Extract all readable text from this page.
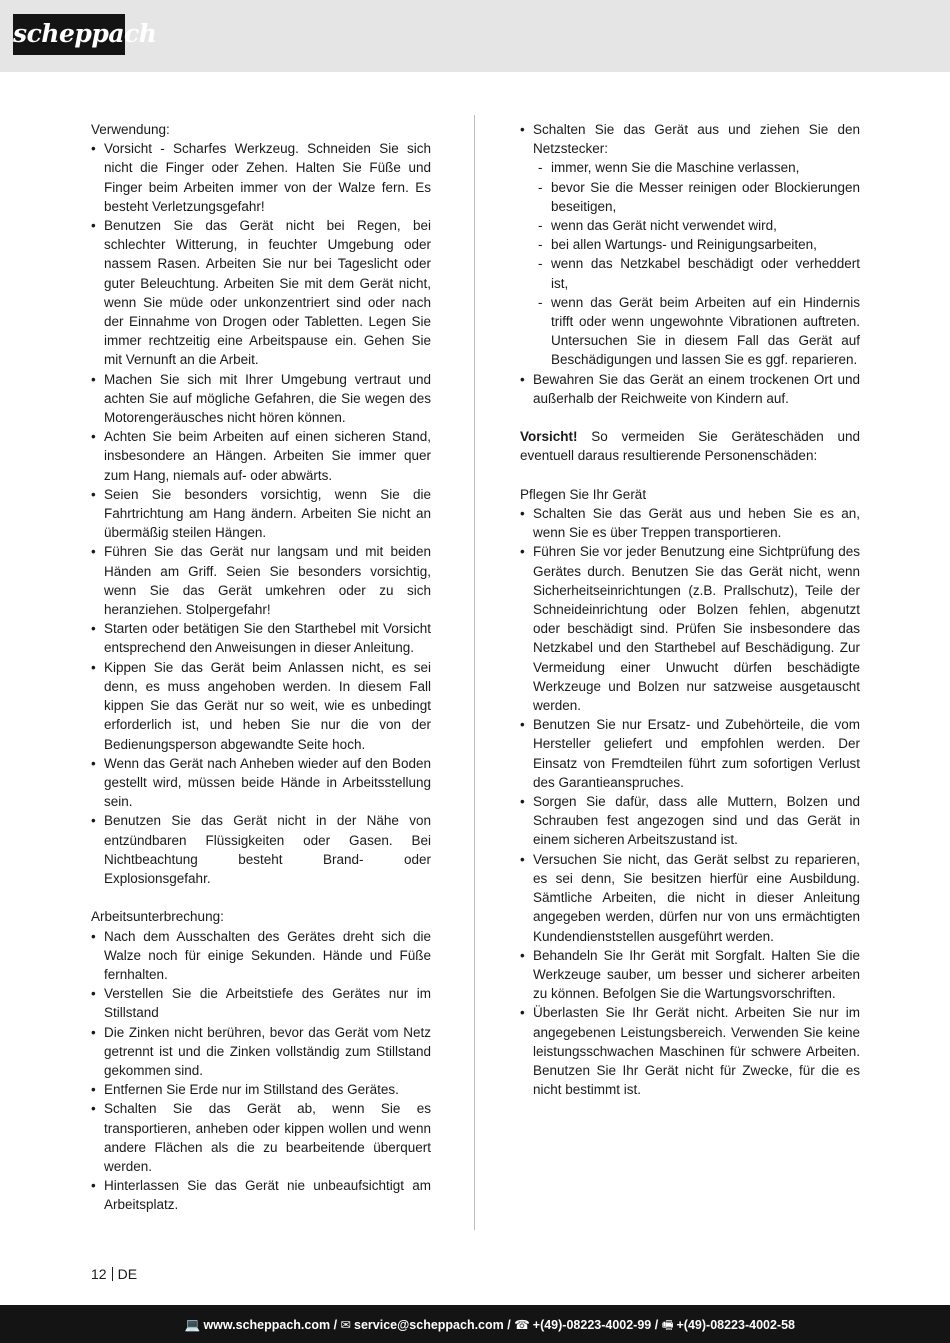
scheppach
Verwendung:
• Vorsicht - Scharfes Werkzeug. Schneiden Sie sich nicht die Finger oder Zehen. Halten Sie Füße und Finger beim Arbeiten immer von der Walze fern. Es besteht Verletzungsgefahr!
• Benutzen Sie das Gerät nicht bei Regen, bei schlechter Witterung, in feuchter Umgebung oder nassem Rasen. Arbeiten Sie nur bei Tageslicht oder guter Beleuchtung. Arbeiten Sie mit dem Gerät nicht, wenn Sie müde oder unkonzentriert sind oder nach der Einnahme von Drogen oder Tabletten. Legen Sie immer rechtzeitig eine Arbeitspause ein. Gehen Sie mit Vernunft an die Arbeit.
• Machen Sie sich mit Ihrer Umgebung vertraut und achten Sie auf mögliche Gefahren, die Sie wegen des Motorengeräusches nicht hören können.
• Achten Sie beim Arbeiten auf einen sicheren Stand, insbesondere an Hängen. Arbeiten Sie immer quer zum Hang, niemals auf- oder abwärts.
• Seien Sie besonders vorsichtig, wenn Sie die Fahrtrichtung am Hang ändern. Arbeiten Sie nicht an übermäßig steilen Hängen.
• Führen Sie das Gerät nur langsam und mit beiden Händen am Griff. Seien Sie besonders vorsichtig, wenn Sie das Gerät umkehren oder zu sich heranziehen. Stolpergefahr!
• Starten oder betätigen Sie den Starthebel mit Vorsicht entsprechend den Anweisungen in dieser Anleitung.
• Kippen Sie das Gerät beim Anlassen nicht, es sei denn, es muss angehoben werden. In diesem Fall kippen Sie das Gerät nur so weit, wie es unbedingt erforderlich ist, und heben Sie nur die von der Bedienungsperson abgewandte Seite hoch.
• Wenn das Gerät nach Anheben wieder auf den Boden gestellt wird, müssen beide Hände in Arbeitsstellung sein.
• Benutzen Sie das Gerät nicht in der Nähe von entzündbaren Flüssigkeiten oder Gasen. Bei Nichtbeachtung besteht Brand- oder Explosionsgefahr.
Arbeitsunterbrechung:
• Nach dem Ausschalten des Gerätes dreht sich die Walze noch für einige Sekunden. Hände und Füße fernhalten.
• Verstellen Sie die Arbeitstiefe des Gerätes nur im Stillstand
• Die Zinken nicht berühren, bevor das Gerät vom Netz getrennt ist und die Zinken vollständig zum Stillstand gekommen sind.
• Entfernen Sie Erde nur im Stillstand des Gerätes.
• Schalten Sie das Gerät ab, wenn Sie es transportieren, anheben oder kippen wollen und wenn andere Flächen als die zu bearbeitende überquert werden.
• Hinterlassen Sie das Gerät nie unbeaufsichtigt am Arbeitsplatz.
• Schalten Sie das Gerät aus und ziehen Sie den Netzstecker:
- immer, wenn Sie die Maschine verlassen,
- bevor Sie die Messer reinigen oder Blockierungen beseitigen,
- wenn das Gerät nicht verwendet wird,
- bei allen Wartungs- und Reinigungsarbeiten,
- wenn das Netzkabel beschädigt oder verheddert ist,
- wenn das Gerät beim Arbeiten auf ein Hindernis trifft oder wenn ungewohnte Vibrationen auftreten. Untersuchen Sie in diesem Fall das Gerät auf Beschädigungen und lassen Sie es ggf. reparieren.
• Bewahren Sie das Gerät an einem trockenen Ort und außerhalb der Reichweite von Kindern auf.

Vorsicht! So vermeiden Sie Geräteschäden und eventuell daraus resultierende Personenschäden:

Pflegen Sie Ihr Gerät
• Schalten Sie das Gerät aus und heben Sie es an, wenn Sie es über Treppen transportieren.
• Führen Sie vor jeder Benutzung eine Sichtprüfung des Gerätes durch. Benutzen Sie das Gerät nicht, wenn Sicherheitseinrichtungen (z.B. Prallschutz), Teile der Schneideinrichtung oder Bolzen fehlen, abgenutzt oder beschädigt sind. Prüfen Sie insbesondere das Netzkabel und den Starthebel auf Beschädigung. Zur Vermeidung einer Unwucht dürfen beschädigte Werkzeuge und Bolzen nur satzweise ausgetauscht werden.
• Benutzen Sie nur Ersatz- und Zubehörteile, die vom Hersteller geliefert und empfohlen werden. Der Einsatz von Fremdteilen führt zum sofortigen Verlust des Garantieanspruches.
• Sorgen Sie dafür, dass alle Muttern, Bolzen und Schrauben fest angezogen sind und das Gerät in einem sicheren Arbeitszustand ist.
• Versuchen Sie nicht, das Gerät selbst zu reparieren, es sei denn, Sie besitzen hierfür eine Ausbildung. Sämtliche Arbeiten, die nicht in dieser Anleitung angegeben werden, dürfen nur von uns ermächtigten Kundendienststellen ausgeführt werden.
• Behandeln Sie Ihr Gerät mit Sorgfalt. Halten Sie die Werkzeuge sauber, um besser und sicherer arbeiten zu können. Befolgen Sie die Wartungsvorschriften.
• Überlasten Sie Ihr Gerät nicht. Arbeiten Sie nur im angegebenen Leistungsbereich. Verwenden Sie keine leistungsschwachen Maschinen für schwere Arbeiten. Benutzen Sie Ihr Gerät nicht für Zwecke, für die es nicht bestimmt ist.
12 DE
💻 www.scheppach.com / ✉ service@scheppach.com / ☎ +(49)-08223-4002-99 / 🖷 +(49)-08223-4002-58
